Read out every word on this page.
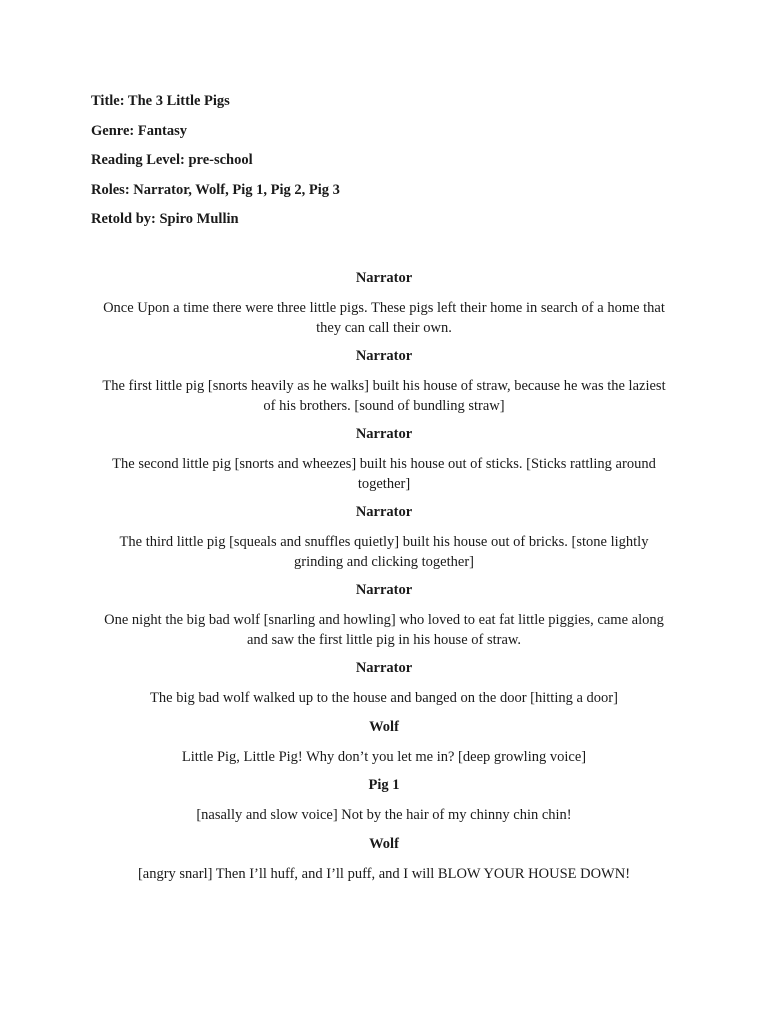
Title: The 3 Little Pigs

Genre: Fantasy

Reading Level: pre-school

Roles: Narrator, Wolf, Pig 1, Pig 2, Pig 3

Retold by: Spiro Mullin

Narrator

Once Upon a time there were three little pigs. These pigs left their home in search of a home that
they can call their own.

Narrator

The first little pig [snorts heavily as he walks] built his house of straw, because he was the laziest
of his brothers. [sound of bundling straw]

Narrator

The second little pig [snorts and wheezes] built his house out of sticks. [Sticks rattling around
together]

Narrator

The third little pig [squeals and snuffles quietly] built his house out of bricks. [stone lightly
grinding and clicking together]

Narrator

One night the big bad wolf [snarling and howling] who loved to eat fat little piggies, came along
and saw the first little pig in his house of straw.

Narrator

The big bad wolf walked up to the house and banged on the door [hitting a door]

Wolf

Little Pig, Little Pig! Why don’t you let me in? [deep growling voice]

Pig 1

[nasally and slow voice] Not by the hair of my chinny chin chin!

Wolf

[angry snarl] Then I’ll huff, and I’ll puff, and I will BLOW YOUR HOUSE DOWN!
